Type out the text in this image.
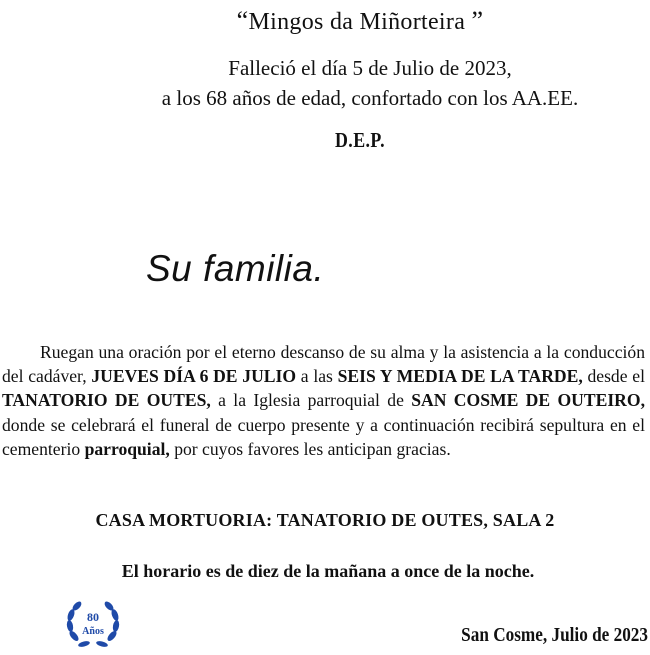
“Mingos da Miñorteira ”
Falleció el día 5 de Julio de 2023,
a los 68 años de edad, confortado con los AA.EE.
D.E.P.
Su familia.

Ruegan una oración por el eterno descanso de su alma y la asistencia a la conducción del cadáver, JUEVES DÍA 6 DE JULIO a las SEIS Y MEDIA DE LA TARDE, desde el TANATORIO DE OUTES, a la Iglesia parroquial de SAN COSME DE OUTEIRO, donde se celebrará el funeral de cuerpo presente y a continuación recibirá sepultura en el cementerio parroquial, por cuyos favores les anticipan gracias.

CASA MORTUORIA: TANATORIO DE OUTES, SALA 2
El horario es de diez de la mañana a once de la noche.
80
Años	San Cosme, Julio de 2023
